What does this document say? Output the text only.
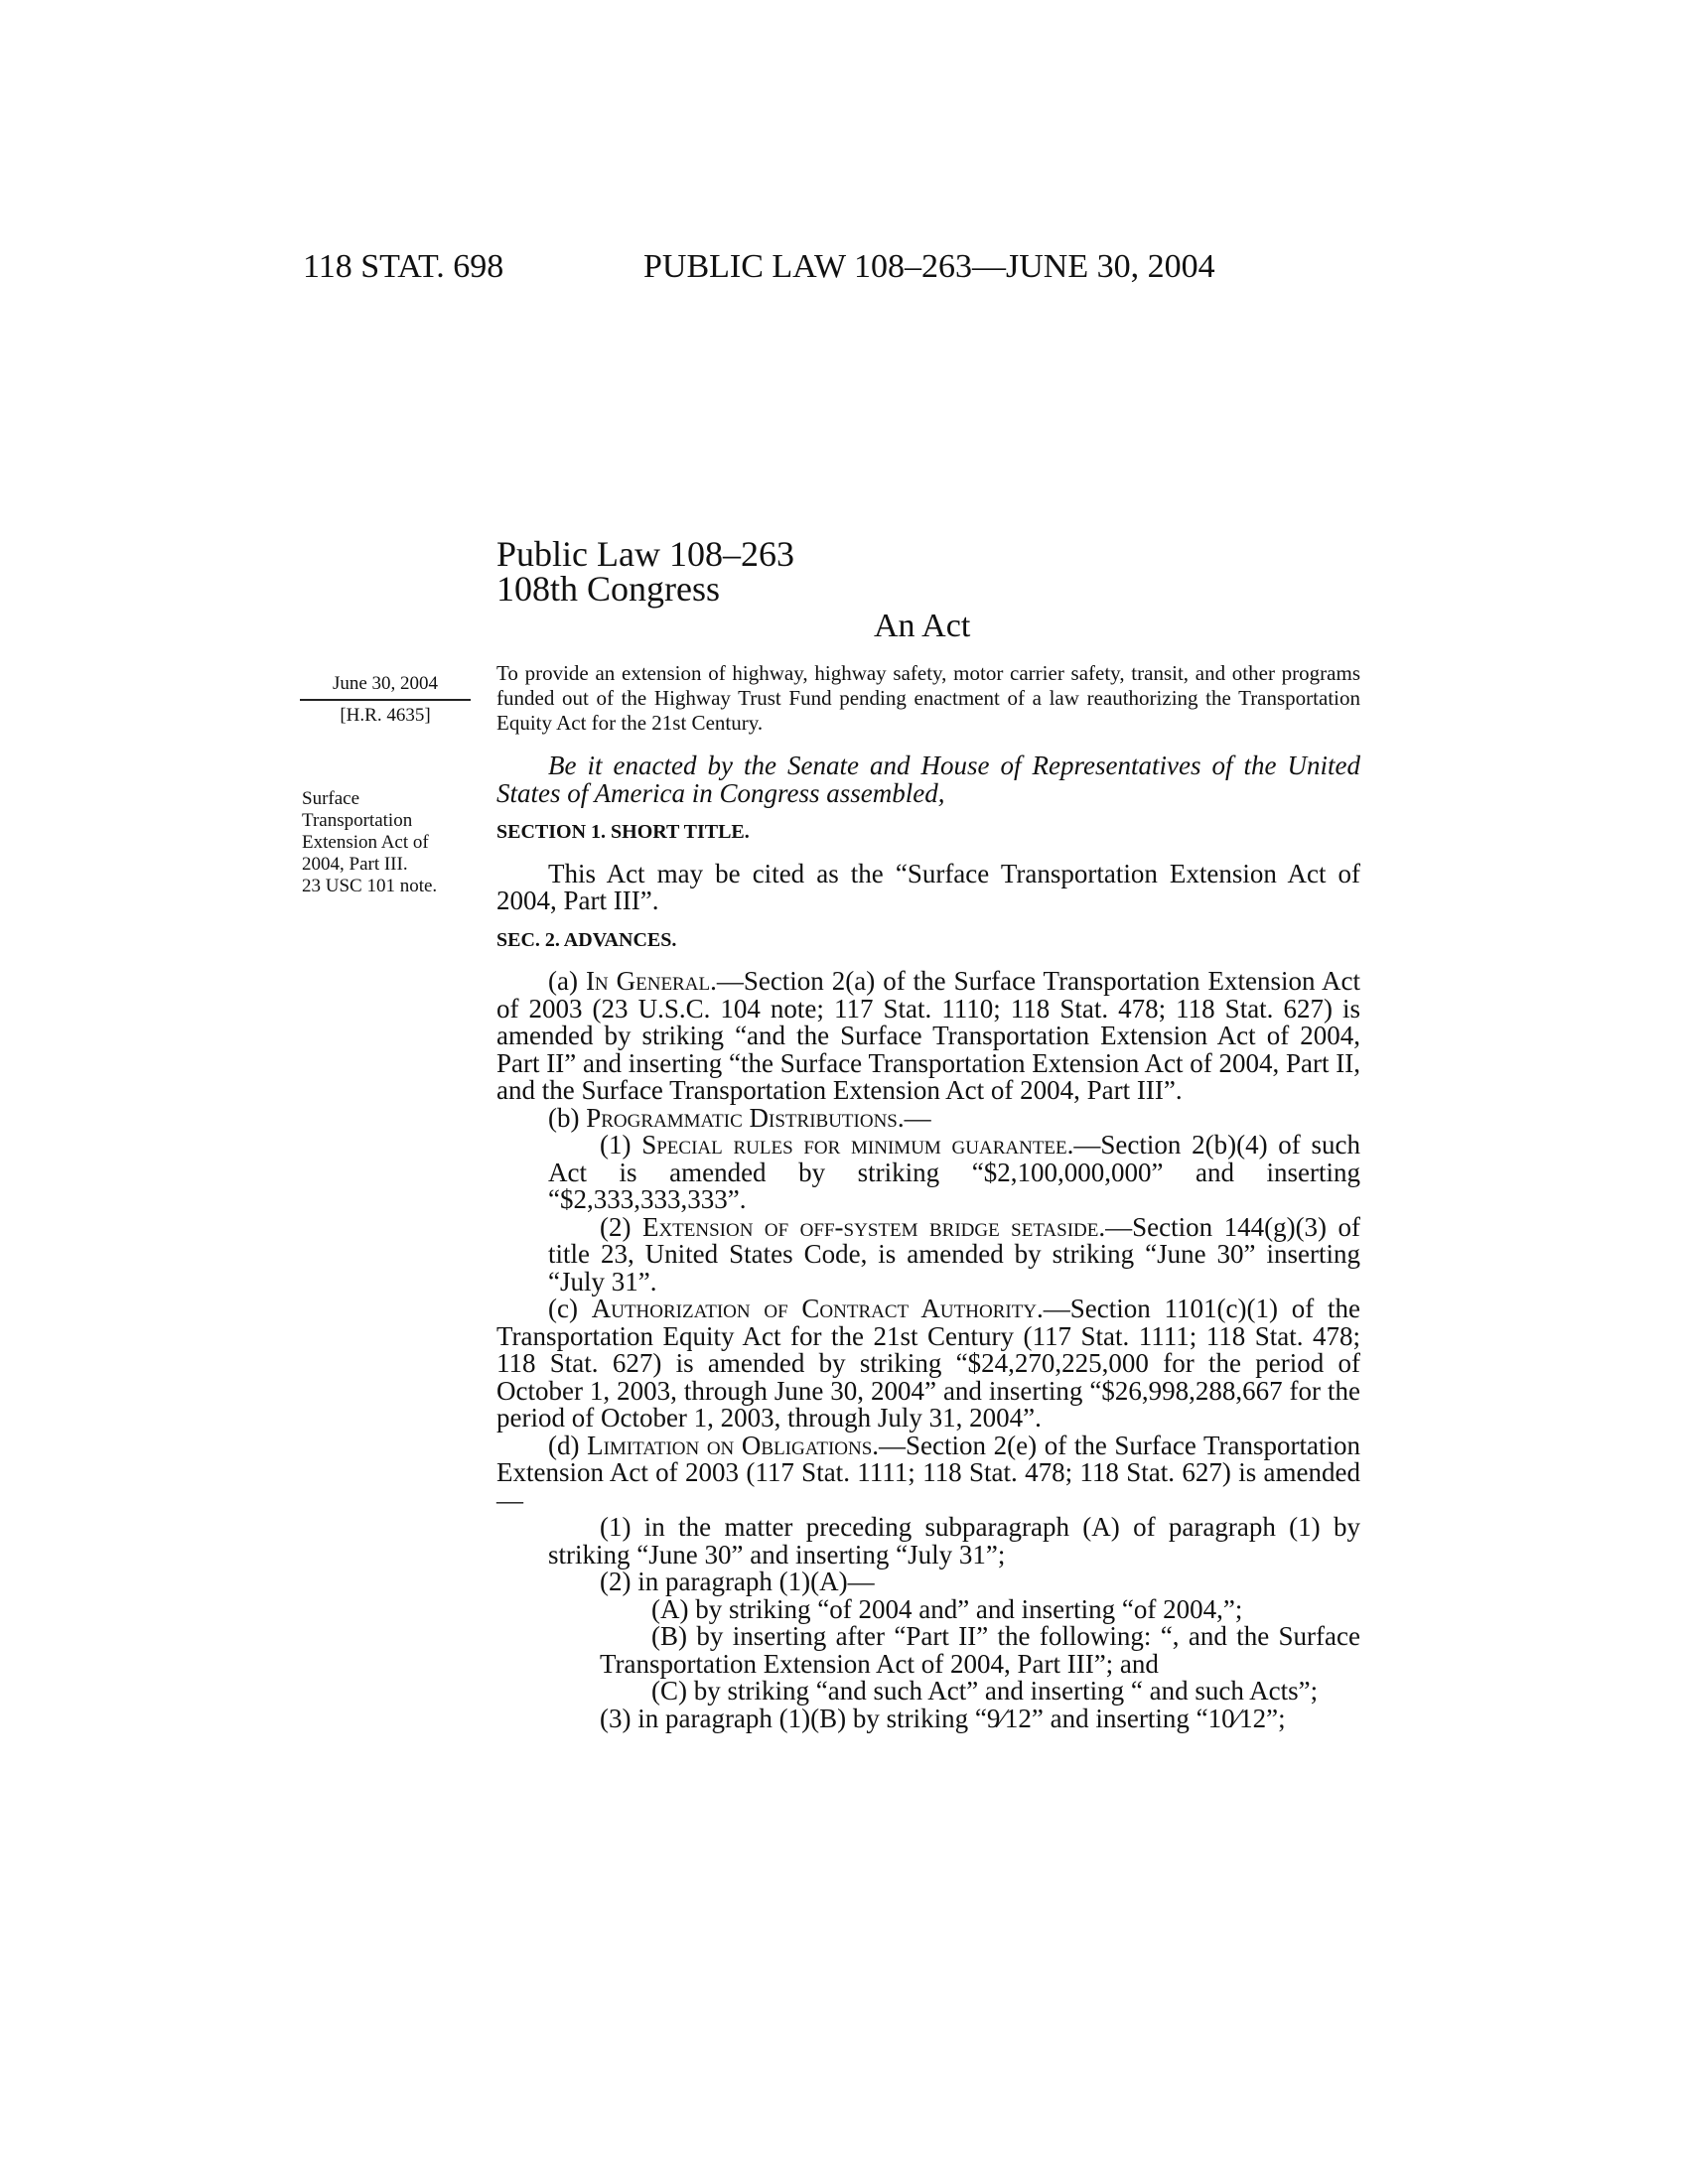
118 STAT. 698	PUBLIC LAW 108–263—JUNE 30, 2004
Public Law 108–263
108th Congress
An Act
June 30, 2004
[H.R. 4635]

To provide an extension of highway, highway safety, motor carrier safety, transit, and other programs funded out of the Highway Trust Fund pending enactment of a law reauthorizing the Transportation Equity Act for the 21st Century.

Surface
Transportation
Extension Act of
2004, Part III.
23 USC 101 note.

Be it enacted by the Senate and House of Representatives of the United States of America in Congress assembled,

SECTION 1. SHORT TITLE.

This Act may be cited as the “Surface Transportation Extension Act of 2004, Part III”.

SEC. 2. ADVANCES.

(a) In General.—Section 2(a) of the Surface Transportation Extension Act of 2003 (23 U.S.C. 104 note; 117 Stat. 1110; 118 Stat. 478; 118 Stat. 627) is amended by striking “and the Surface Transportation Extension Act of 2004, Part II” and inserting “the Surface Transportation Extension Act of 2004, Part II, and the Surface Transportation Extension Act of 2004, Part III”.

(b) Programmatic Distributions.—

(1) Special rules for minimum guarantee.—Section 2(b)(4) of such Act is amended by striking “$2,100,000,000” and inserting “$2,333,333,333”.

(2) Extension of off-system bridge setaside.—Section 144(g)(3) of title 23, United States Code, is amended by striking “June 30” inserting “July 31”.

(c) Authorization of Contract Authority.—Section 1101(c)(1) of the Transportation Equity Act for the 21st Century (117 Stat. 1111; 118 Stat. 478; 118 Stat. 627) is amended by striking “$24,270,225,000 for the period of October 1, 2003, through June 30, 2004” and inserting “$26,998,288,667 for the period of October 1, 2003, through July 31, 2004”.

(d) Limitation on Obligations.—Section 2(e) of the Surface Transportation Extension Act of 2003 (117 Stat. 1111; 118 Stat. 478; 118 Stat. 627) is amended—

(1) in the matter preceding subparagraph (A) of paragraph (1) by striking “June 30” and inserting “July 31”;

(2) in paragraph (1)(A)—

(A) by striking “of 2004 and” and inserting “of 2004,”;

(B) by inserting after “Part II” the following: “, and the Surface Transportation Extension Act of 2004, Part III”; and

(C) by striking “and such Act” and inserting “ and such Acts”;

(3) in paragraph (1)(B) by striking “9⁄12” and inserting “10⁄12”;
